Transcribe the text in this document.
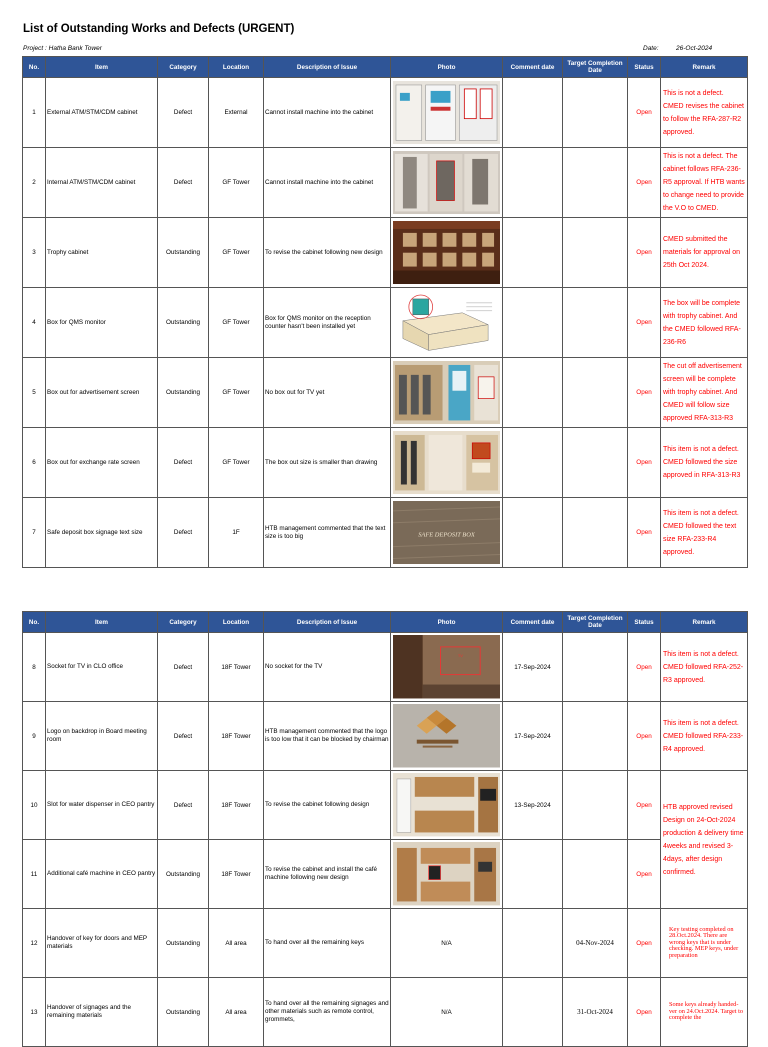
List of Outstanding Works and Defects (URGENT)
Project : Hatha Bank Tower	Date:	26-Oct-2024
No.	Item	Category	Location	Description of Issue	Photo	Comment date	Target Completion Date	Status	Remark
1	External ATM/STM/CDM cabinet	Defect	External	Cannot install machine into the cabinet				Open	This is not a defect. CMED revises the cabinet to follow the RFA-287-R2 approved.
2	Internal ATM/STM/CDM cabinet	Defect	GF Tower	Cannot install machine into the cabinet				Open	This is not a defect. The cabinet follows RFA-236-R5 approval. If HTB wants to change need to provide the V.O to CMED.
3	Trophy cabinet	Outstanding	GF Tower	To revise the cabinet following new design				Open	CMED submitted the materials for approval on 25th Oct 2024.
4	Box for QMS monitor	Outstanding	GF Tower	Box for QMS monitor on the reception counter hasn't been installed yet				Open	The box will be complete with trophy cabinet. And the CMED followed RFA-236-R6
5	Box out for advertisement screen	Outstanding	GF Tower	No box out for TV yet				Open	The cut off advertisement screen will be complete with trophy cabinet. And CMED will follow size approved RFA-313-R3
6	Box out for exchange rate screen	Defect	GF Tower	The box out size is smaller than drawing				Open	This item is not a defect. CMED followed the size approved in RFA-313-R3
7	Safe deposit box signage text size	Defect	1F	HTB management commented that the text size is too big	SAFE DEPOSIT BOX			Open	This item is not a defect. CMED followed the text size RFA-233-R4 approved.
No.	Item	Category	Location	Description of Issue	Photo	Comment date	Target Completion Date	Status	Remark
8	Socket for TV in CLO office	Defect	18F Tower	No socket for the TV	TV	17-Sep-2024		Open	This item is not a defect. CMED followed RFA-252-R3 approved.
9	Logo on backdrop in Board meeting room	Defect	18F Tower	HTB management commented that the logo is too low that it can be blocked by chairman		17-Sep-2024		Open	This item is not a defect. CMED followed RFA-233-R4 approved.
10	Slot for water dispenser in CEO pantry	Defect	18F Tower	To revise the cabinet following design		13-Sep-2024		Open	HTB approved revised Design on 24-Oct-2024 production & delivery time 4weeks and revised 3-4days, after design confirmed.
11	Additional café machine in CEO pantry	Outstanding	18F Tower	To revise the cabinet and install the café machine following new design				Open	
12	Handover of key for doors and MEP materials	Outstanding	All area	To hand over all the remaining keys	N/A		04-Nov-2024	Open	Key testing completed on 28.Oct.2024. There are wrong keys that is under checking. MEP keys, under preparation
13	Handover of signages and the remaining materials	Outstanding	All area	To hand over all the remaining signages and other materials such as remote control, grommets,	N/A		31-Oct-2024	Open	Some keys already handed-ver on 24.Oct.2024. Target to complete the
